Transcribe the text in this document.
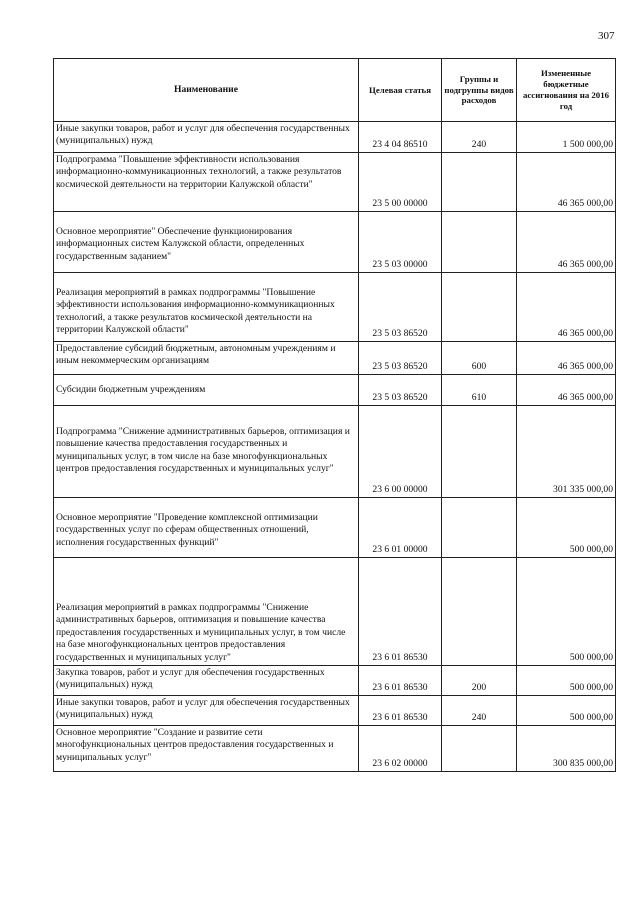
307
Наименование	Целевая статья	Группы и подгруппы видов расходов	Измененные бюджетные ассигнования на 2016 год
Иные закупки товаров, работ и услуг для обеспечения государственных (муниципальных) нужд	23 4 04 86510	240	1 500 000,00
Подпрограмма "Повышение эффективности использования информационно-коммуникационных технологий, а также результатов космической деятельности на территории Калужской области"	23 5 00 00000		46 365 000,00
Основное мероприятие" Обеспечение функционирования информационных систем Калужской области, определенных государственным заданием"	23 5 03 00000		46 365 000,00
Реализация мероприятий в рамках подпрограммы "Повышение эффективности использования информационно-коммуникационных технологий, а также результатов космической деятельности на территории Калужской области"	23 5 03 86520		46 365 000,00
Предоставление субсидий бюджетным, автономным учреждениям и иным некоммерческим организациям	23 5 03 86520	600	46 365 000,00
Субсидии бюджетным учреждениям	23 5 03 86520	610	46 365 000,00
Подпрограмма "Снижение административных барьеров, оптимизация и повышение качества предоставления государственных и муниципальных услуг, в том числе на базе многофункциональных центров предоставления государственных и муниципальных услуг"	23 6 00 00000		301 335 000,00
Основное мероприятие "Проведение комплексной оптимизации государственных услуг по сферам общественных отношений, исполнения государственных функций"	23 6 01 00000		500 000,00
Реализация мероприятий в рамках подпрограммы "Снижение административных барьеров, оптимизация и повышение качества предоставления государственных и муниципальных услуг, в том числе на базе многофункциональных центров предоставления государственных и муниципальных услуг"	23 6 01 86530		500 000,00
Закупка товаров, работ и услуг для обеспечения государственных (муниципальных) нужд	23 6 01 86530	200	500 000,00
Иные закупки товаров, работ и услуг для обеспечения государственных (муниципальных) нужд	23 6 01 86530	240	500 000,00
Основное мероприятие "Создание и развитие сети многофункциональных центров предоставления государственных и муниципальных услуг"	23 6 02 00000		300 835 000,00
